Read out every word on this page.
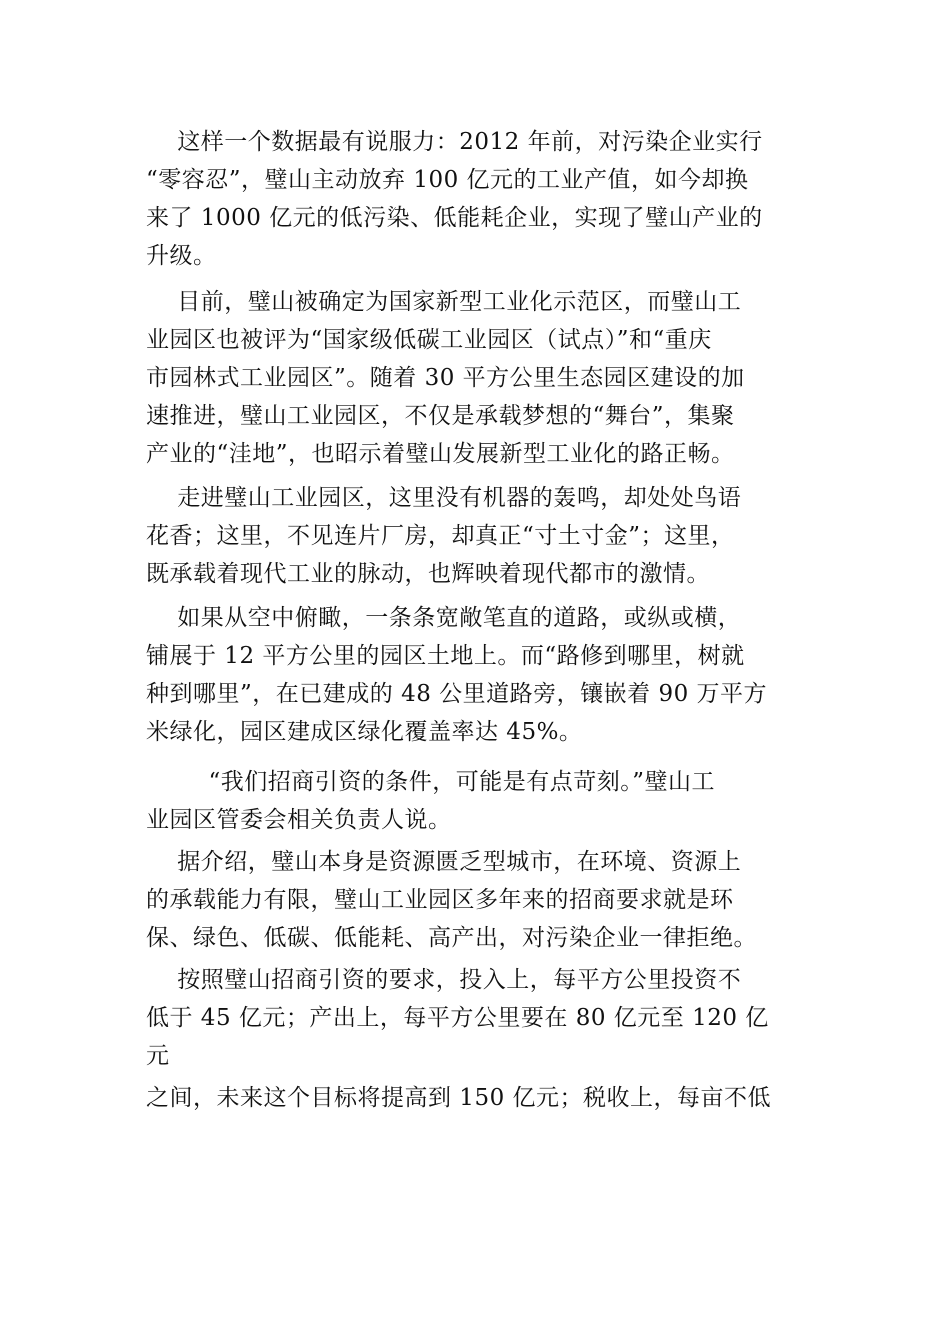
这样一个数据最有说服力：2012 年前，对污染企业实行
“零容忍”，璧山主动放弃 100 亿元的工业产值，如今却换
来了 1000 亿元的低污染、低能耗企业，实现了璧山产业的
升级。
目前，璧山被确定为国家新型工业化示范区，而璧山工
业园区也被评为“国家级低碳工业园区（试点）”和“重庆
市园林式工业园区”。随着 30 平方公里生态园区建设的加
速推进，璧山工业园区，不仅是承载梦想的“舞台”，集聚
产业的“洼地”，也昭示着璧山发展新型工业化的路正畅。
走进璧山工业园区，这里没有机器的轰鸣，却处处鸟语
花香；这里，不见连片厂房，却真正“寸土寸金”；这里，
既承载着现代工业的脉动，也辉映着现代都市的激情。
如果从空中俯瞰，一条条宽敞笔直的道路，或纵或横，
铺展于 12 平方公里的园区土地上。而“路修到哪里，树就
种到哪里”，在已建成的 48 公里道路旁，镶嵌着 90 万平方
米绿化，园区建成区绿化覆盖率达 45%。
“我们招商引资的条件，可能是有点苛刻。”璧山工
业园区管委会相关负责人说。
据介绍，璧山本身是资源匮乏型城市，在环境、资源上
的承载能力有限，璧山工业园区多年来的招商要求就是环
保、绿色、低碳、低能耗、高产出，对污染企业一律拒绝。
按照璧山招商引资的要求，投入上，每平方公里投资不
低于 45 亿元；产出上，每平方公里要在 80 亿元至 120 亿
元
之间，未来这个目标将提高到 150 亿元；税收上，每亩不低
